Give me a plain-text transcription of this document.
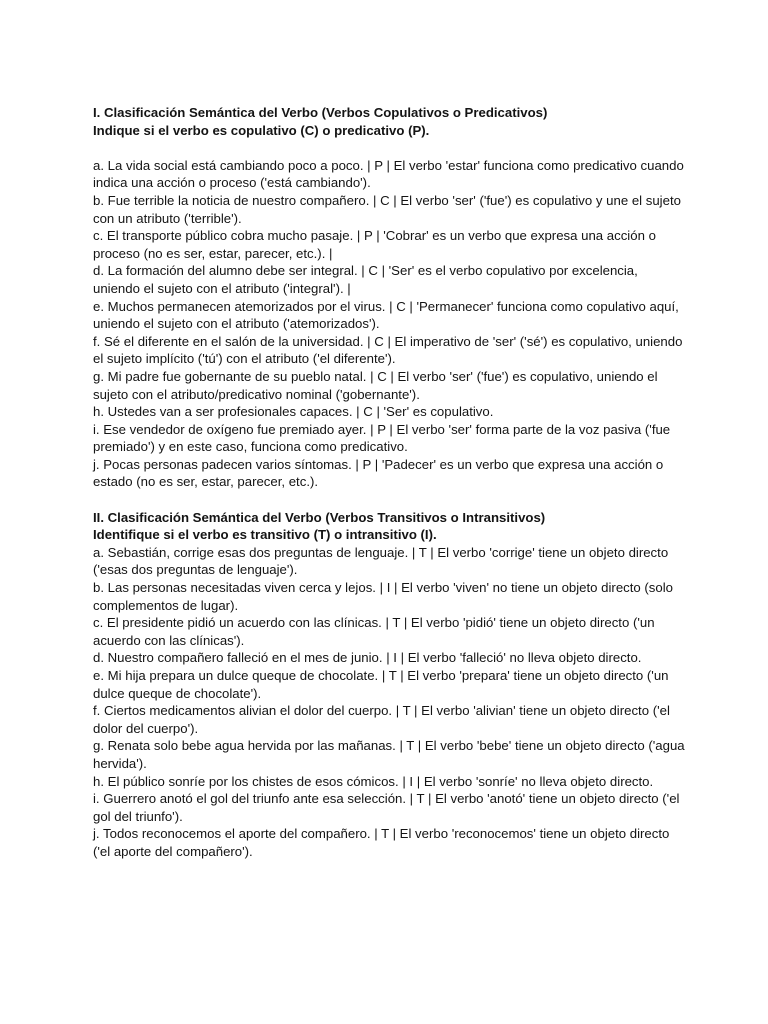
I. Clasificación Semántica del Verbo (Verbos Copulativos o Predicativos)

Indique si el verbo es copulativo (C) o predicativo (P).

a. La vida social está cambiando poco a poco. | P | El verbo 'estar' funciona como predicativo cuando indica una acción o proceso ('está cambiando').

b. Fue terrible la noticia de nuestro compañero. | C | El verbo 'ser' ('fue') es copulativo y une el sujeto con un atributo ('terrible').

c. El transporte público cobra mucho pasaje. | P | 'Cobrar' es un verbo que expresa una acción o proceso (no es ser, estar, parecer, etc.). |

d. La formación del alumno debe ser integral. | C | 'Ser' es el verbo copulativo por excelencia, uniendo el sujeto con el atributo ('integral'). |

e. Muchos permanecen atemorizados por el virus. | C | 'Permanecer' funciona como copulativo aquí, uniendo el sujeto con el atributo ('atemorizados').

f. Sé el diferente en el salón de la universidad. | C | El imperativo de 'ser' ('sé') es copulativo, uniendo el sujeto implícito ('tú') con el atributo ('el diferente').

g. Mi padre fue gobernante de su pueblo natal. | C | El verbo 'ser' ('fue') es copulativo, uniendo el sujeto con el atributo/predicativo nominal ('gobernante').

h. Ustedes van a ser profesionales capaces. | C | 'Ser' es copulativo.

i. Ese vendedor de oxígeno fue premiado ayer. | P | El verbo 'ser' forma parte de la voz pasiva ('fue premiado') y en este caso, funciona como predicativo.

j. Pocas personas padecen varios síntomas. | P | 'Padecer' es un verbo que expresa una acción o estado (no es ser, estar, parecer, etc.).

II. Clasificación Semántica del Verbo (Verbos Transitivos o Intransitivos)

Identifique si el verbo es transitivo (T) o intransitivo (I).

a. Sebastián, corrige esas dos preguntas de lenguaje. | T | El verbo 'corrige' tiene un objeto directo ('esas dos preguntas de lenguaje').

b. Las personas necesitadas viven cerca y lejos. | I | El verbo 'viven' no tiene un objeto directo (solo complementos de lugar).

c. El presidente pidió un acuerdo con las clínicas. | T | El verbo 'pidió' tiene un objeto directo ('un acuerdo con las clínicas').

d. Nuestro compañero falleció en el mes de junio. | I | El verbo 'falleció' no lleva objeto directo.

e. Mi hija prepara un dulce queque de chocolate. | T | El verbo 'prepara' tiene un objeto directo ('un dulce queque de chocolate').

f. Ciertos medicamentos alivian el dolor del cuerpo. | T | El verbo 'alivian' tiene un objeto directo ('el dolor del cuerpo').

g. Renata solo bebe agua hervida por las mañanas. | T | El verbo 'bebe' tiene un objeto directo ('agua hervida').

h. El público sonríe por los chistes de esos cómicos. | I | El verbo 'sonríe' no lleva objeto directo.

i. Guerrero anotó el gol del triunfo ante esa selección. | T | El verbo 'anotó' tiene un objeto directo ('el gol del triunfo').

j. Todos reconocemos el aporte del compañero. | T | El verbo 'reconocemos' tiene un objeto directo ('el aporte del compañero').
